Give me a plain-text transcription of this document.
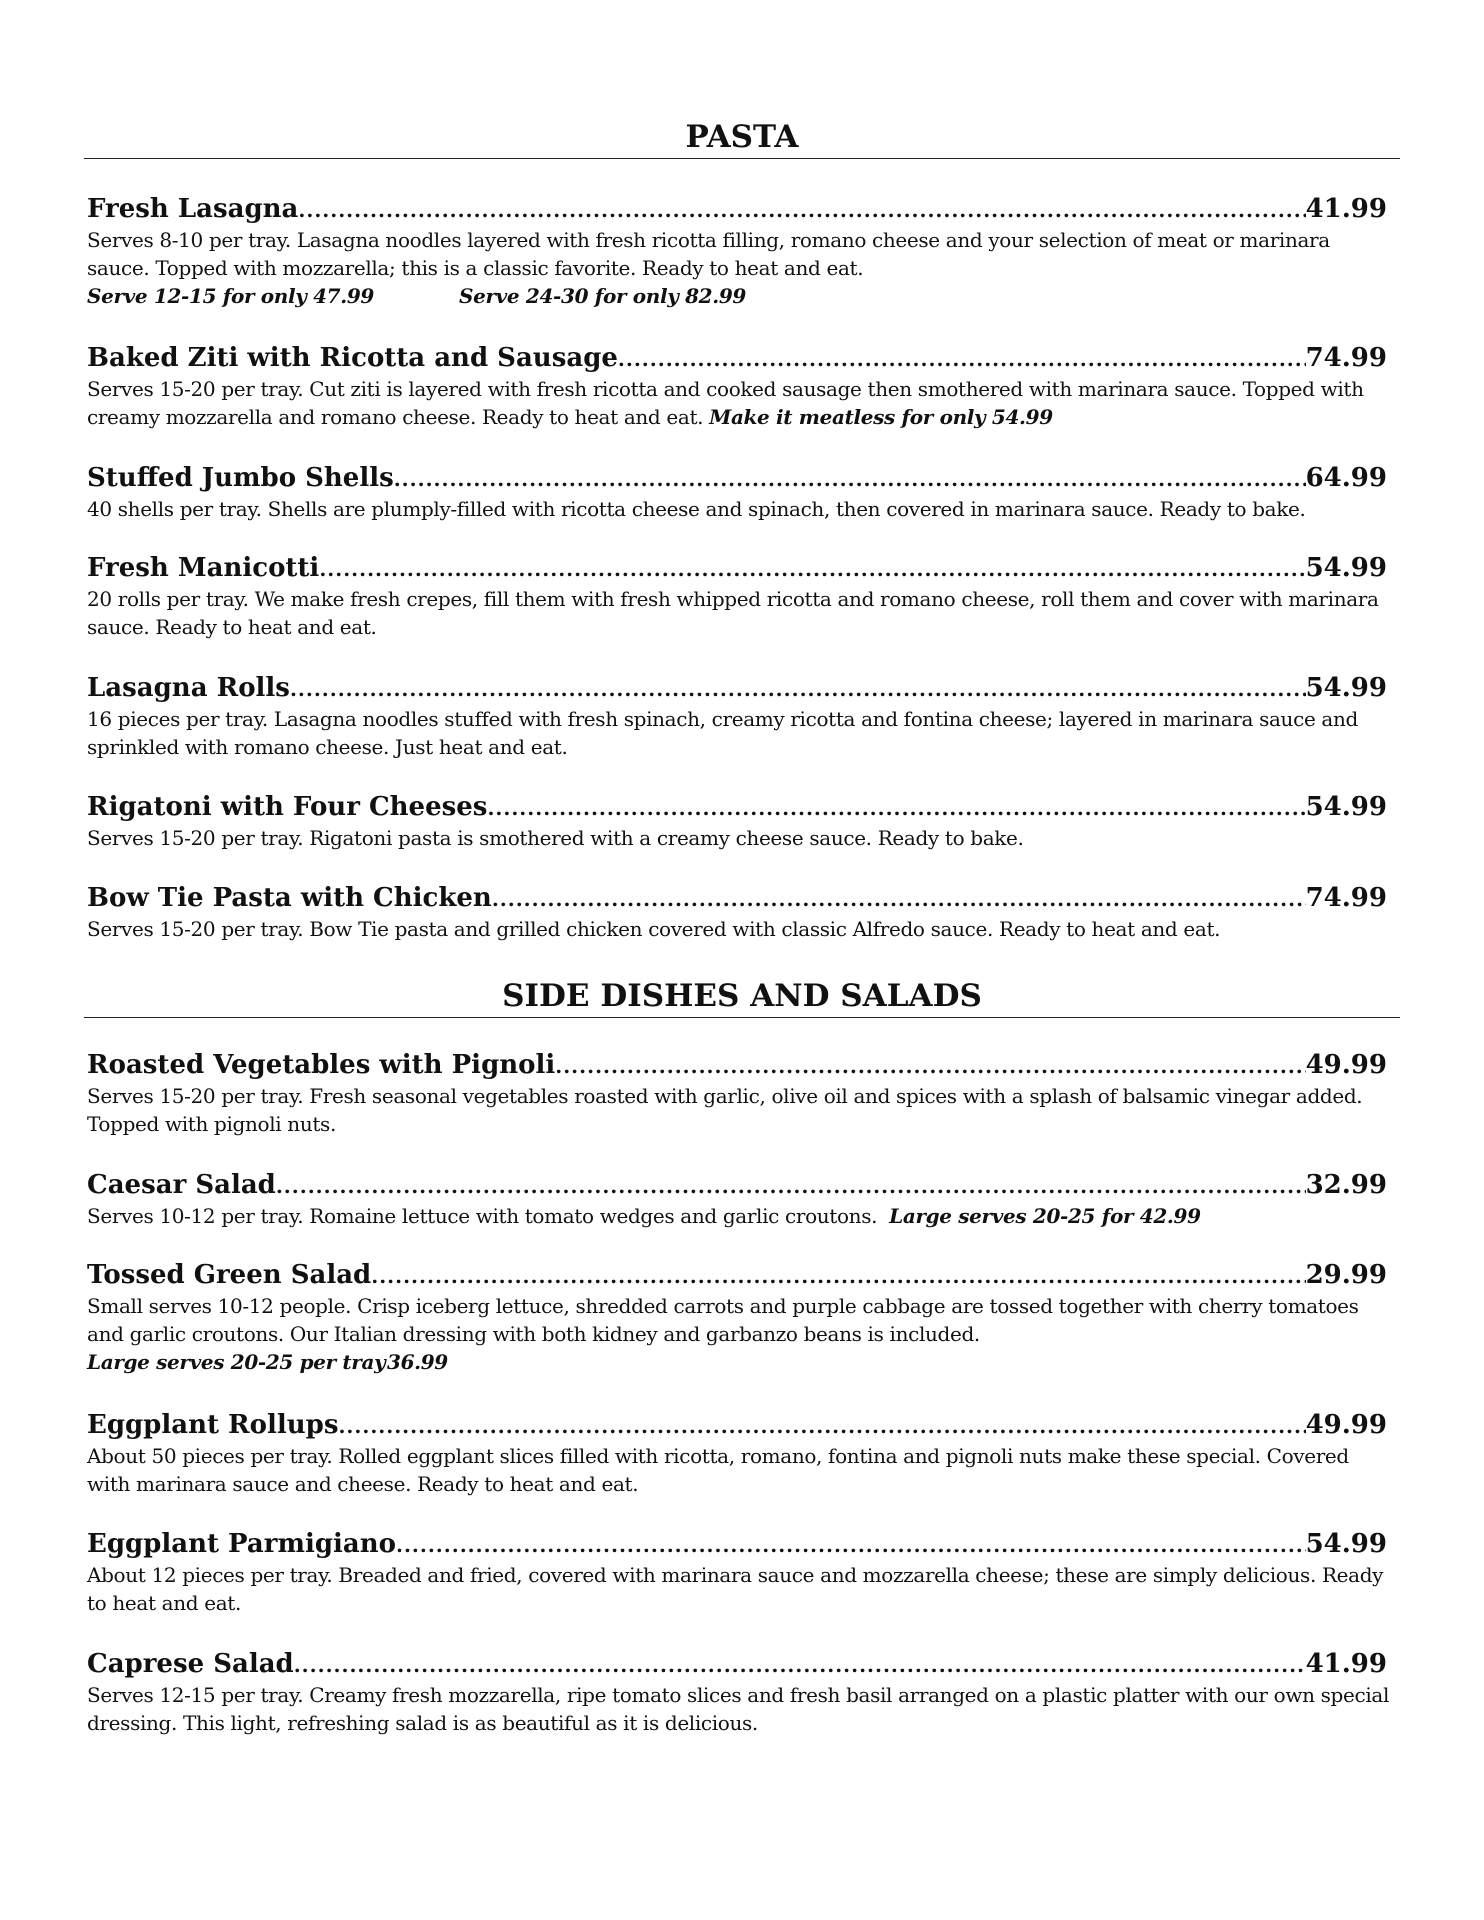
PASTA
Fresh Lasagna .....	41.99
Serves 8-10 per tray. Lasagna noodles layered with fresh ricotta filling, romano cheese and your selection of meat or marinara sauce. Topped with mozzarella; this is a classic favorite. Ready to heat and eat.
Serve 12-15 for only 47.99	Serve 24-30 for only 82.99
Baked Ziti with Ricotta and Sausage .....	74.99
Serves 15-20 per tray. Cut ziti is layered with fresh ricotta and cooked sausage then smothered with marinara sauce. Topped with creamy mozzarella and romano cheese. Ready to heat and eat. Make it meatless for only 54.99
Stuffed Jumbo Shells .....	64.99
40 shells per tray. Shells are plumply-filled with ricotta cheese and spinach, then covered in marinara sauce. Ready to bake.
Fresh Manicotti .....	54.99
20 rolls per tray. We make fresh crepes, fill them with fresh whipped ricotta and romano cheese, roll them and cover with marinara sauce. Ready to heat and eat.
Lasagna Rolls .....	54.99
16 pieces per tray. Lasagna noodles stuffed with fresh spinach, creamy ricotta and fontina cheese; layered in marinara sauce and sprinkled with romano cheese. Just heat and eat.
Rigatoni with Four Cheeses .....	54.99
Serves 15-20 per tray. Rigatoni pasta is smothered with a creamy cheese sauce. Ready to bake.
Bow Tie Pasta with Chicken .....	74.99
Serves 15-20 per tray. Bow Tie pasta and grilled chicken covered with classic Alfredo sauce. Ready to heat and eat.
SIDE DISHES AND SALADS
Roasted Vegetables with Pignoli .....	49.99
Serves 15-20 per tray. Fresh seasonal vegetables roasted with garlic, olive oil and spices with a splash of balsamic vinegar added. Topped with pignoli nuts.
Caesar Salad .....	32.99
Serves 10-12 per tray. Romaine lettuce with tomato wedges and garlic croutons. Large serves 20-25 for 42.99
Tossed Green Salad .....	29.99
Small serves 10-12 people. Crisp iceberg lettuce, shredded carrots and purple cabbage are tossed together with cherry tomatoes and garlic croutons. Our Italian dressing with both kidney and garbanzo beans is included.
Large serves 20-25 per tray36.99
Eggplant Rollups .....	49.99
About 50 pieces per tray. Rolled eggplant slices filled with ricotta, romano, fontina and pignoli nuts make these special. Covered with marinara sauce and cheese. Ready to heat and eat.
Eggplant Parmigiano .....	54.99
About 12 pieces per tray. Breaded and fried, covered with marinara sauce and mozzarella cheese; these are simply delicious. Ready to heat and eat.
Caprese Salad .....	41.99
Serves 12-15 per tray. Creamy fresh mozzarella, ripe tomato slices and fresh basil arranged on a plastic platter with our own special dressing. This light, refreshing salad is as beautiful as it is delicious.
